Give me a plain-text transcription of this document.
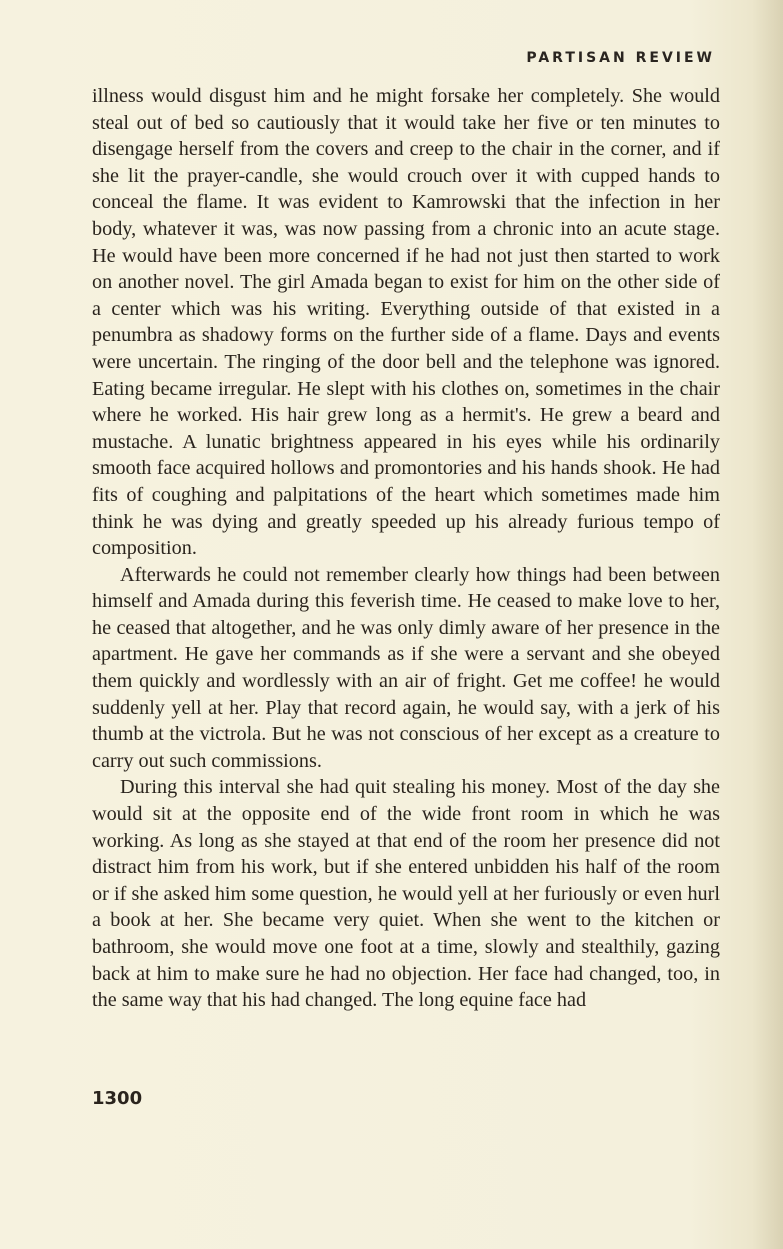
PARTISAN REVIEW

illness would disgust him and he might forsake her completely. She would steal out of bed so cautiously that it would take her five or ten minutes to disengage herself from the covers and creep to the chair in the corner, and if she lit the prayer-candle, she would crouch over it with cupped hands to conceal the flame. It was evident to Kamrowski that the infection in her body, whatever it was, was now passing from a chronic into an acute stage. He would have been more concerned if he had not just then started to work on another novel. The girl Amada began to exist for him on the other side of a center which was his writing. Everything outside of that existed in a penumbra as shadowy forms on the further side of a flame. Days and events were uncertain. The ringing of the door bell and the telephone was ignored. Eating became irregular. He slept with his clothes on, sometimes in the chair where he worked. His hair grew long as a hermit's. He grew a beard and mustache. A lunatic brightness appeared in his eyes while his ordinarily smooth face acquired hollows and promontories and his hands shook. He had fits of coughing and palpitations of the heart which sometimes made him think he was dying and greatly speeded up his already furious tempo of composition.

Afterwards he could not remember clearly how things had been between himself and Amada during this feverish time. He ceased to make love to her, he ceased that altogether, and he was only dimly aware of her presence in the apartment. He gave her commands as if she were a servant and she obeyed them quickly and wordlessly with an air of fright. Get me coffee! he would suddenly yell at her. Play that record again, he would say, with a jerk of his thumb at the victrola. But he was not conscious of her except as a creature to carry out such commissions.

During this interval she had quit stealing his money. Most of the day she would sit at the opposite end of the wide front room in which he was working. As long as she stayed at that end of the room her presence did not distract him from his work, but if she entered unbidden his half of the room or if she asked him some question, he would yell at her furiously or even hurl a book at her. She became very quiet. When she went to the kitchen or bathroom, she would move one foot at a time, slowly and stealthily, gazing back at him to make sure he had no objection. Her face had changed, too, in the same way that his had changed. The long equine face had

1300
